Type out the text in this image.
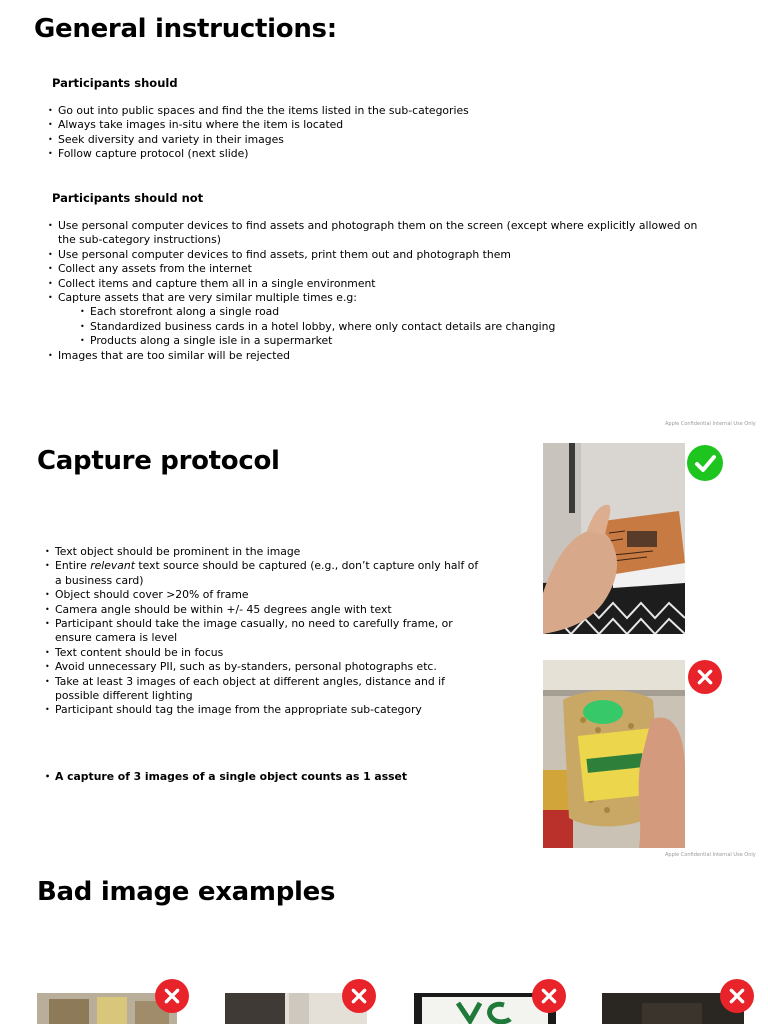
General instructions:
Participants should
• Go out into public spaces and find the the items listed in the sub-categories
• Always take images in-situ where the item is located
• Seek diversity and variety in their images
• Follow capture protocol (next slide)
Participants should not
• Use personal computer devices to find assets and photograph them on the screen (except where explicitly allowed on the sub-category instructions)
• Use personal computer devices to find assets, print them out and photograph them
• Collect any assets from the internet
• Collect items and capture them all in a single environment
• Capture assets that are very similar multiple times e.g:
• Each storefront along a single road
• Standardized business cards in a hotel lobby, where only contact details are changing
• Products along a single isle in a supermarket
• Images that are too similar will be rejected
Apple Confidential Internal Use Only
Capture protocol
• Text object should be prominent in the image
• Entire relevant text source should be captured (e.g., don’t capture only half of a business card)
• Object should cover >20% of frame
• Camera angle should be within +/- 45 degrees angle with text
• Participant should take the image casually, no need to carefully frame, or ensure camera is level
• Text content should be in focus
• Avoid unnecessary PII, such as by-standers, personal photographs etc.
• Take at least 3 images of each object at different angles, distance and if possible different lighting
• Participant should tag the image from the appropriate sub-category
• A capture of 3 images of a single object counts as 1 asset
Apple Confidential Internal Use Only
Bad image examples
